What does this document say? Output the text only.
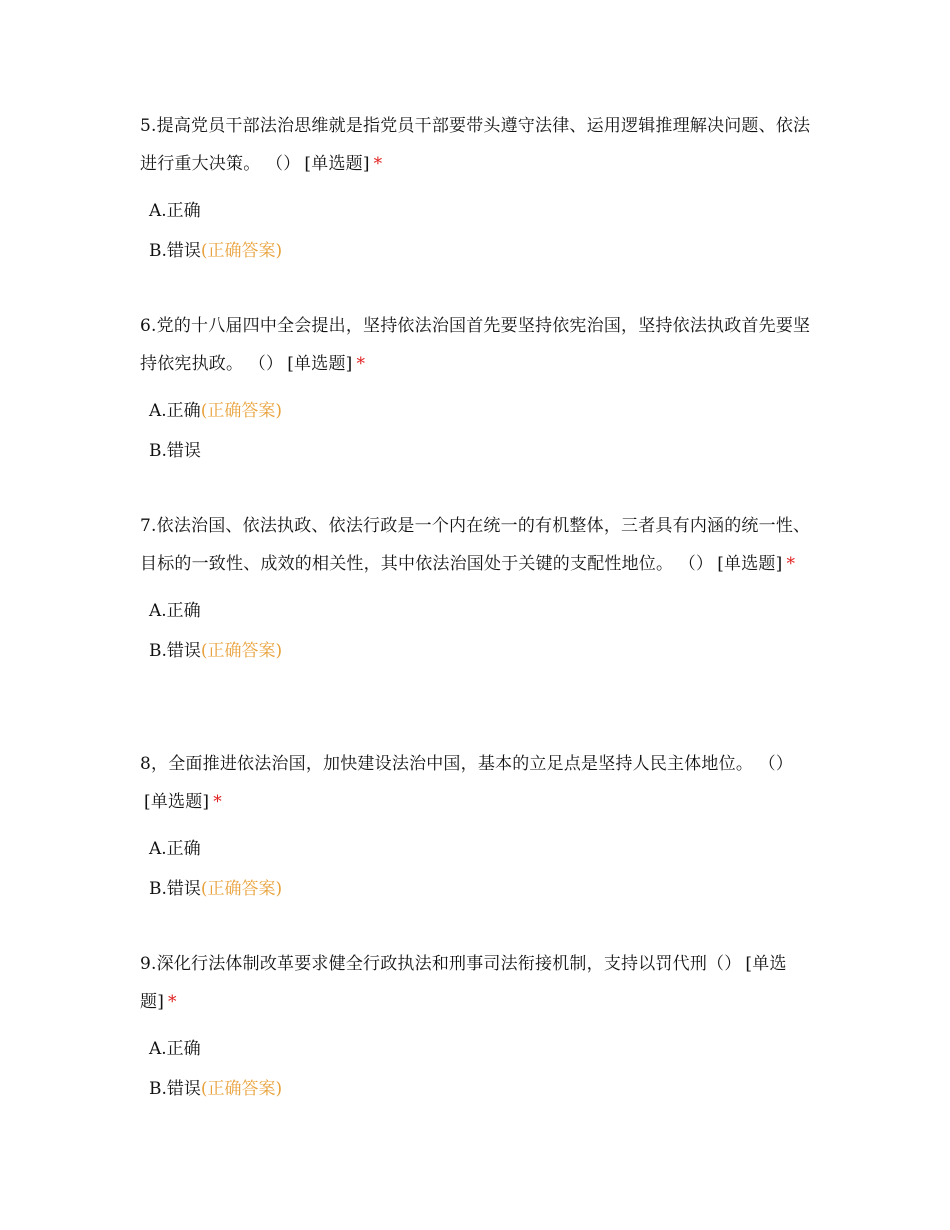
5.提高党员干部法治思维就是指党员干部要带头遵守法律、运用逻辑推理解决问题、依法进行重大决策。 （） [单选题] *

A.正确
B.错误(正确答案)

6.党的十八届四中全会提出，坚持依法治国首先要坚持依宪治国，坚持依法执政首先要坚持依宪执政。 （） [单选题] *

A.正确(正确答案)
B.错误

7.依法治国、依法执政、依法行政是一个内在统一的有机整体，三者具有内涵的统一性、目标的一致性、成效的相关性，其中依法治国处于关键的支配性地位。 （） [单选题] *

A.正确
B.错误(正确答案)

8，全面推进依法治国，加快建设法治中国，基本的立足点是坚持人民主体地位。 （）[单选题] *

A.正确
B.错误(正确答案)

9.深化行法体制改革要求健全行政执法和刑事司法衔接机制，支持以罚代刑（） [单选题] *

A.正确
B.错误(正确答案)
